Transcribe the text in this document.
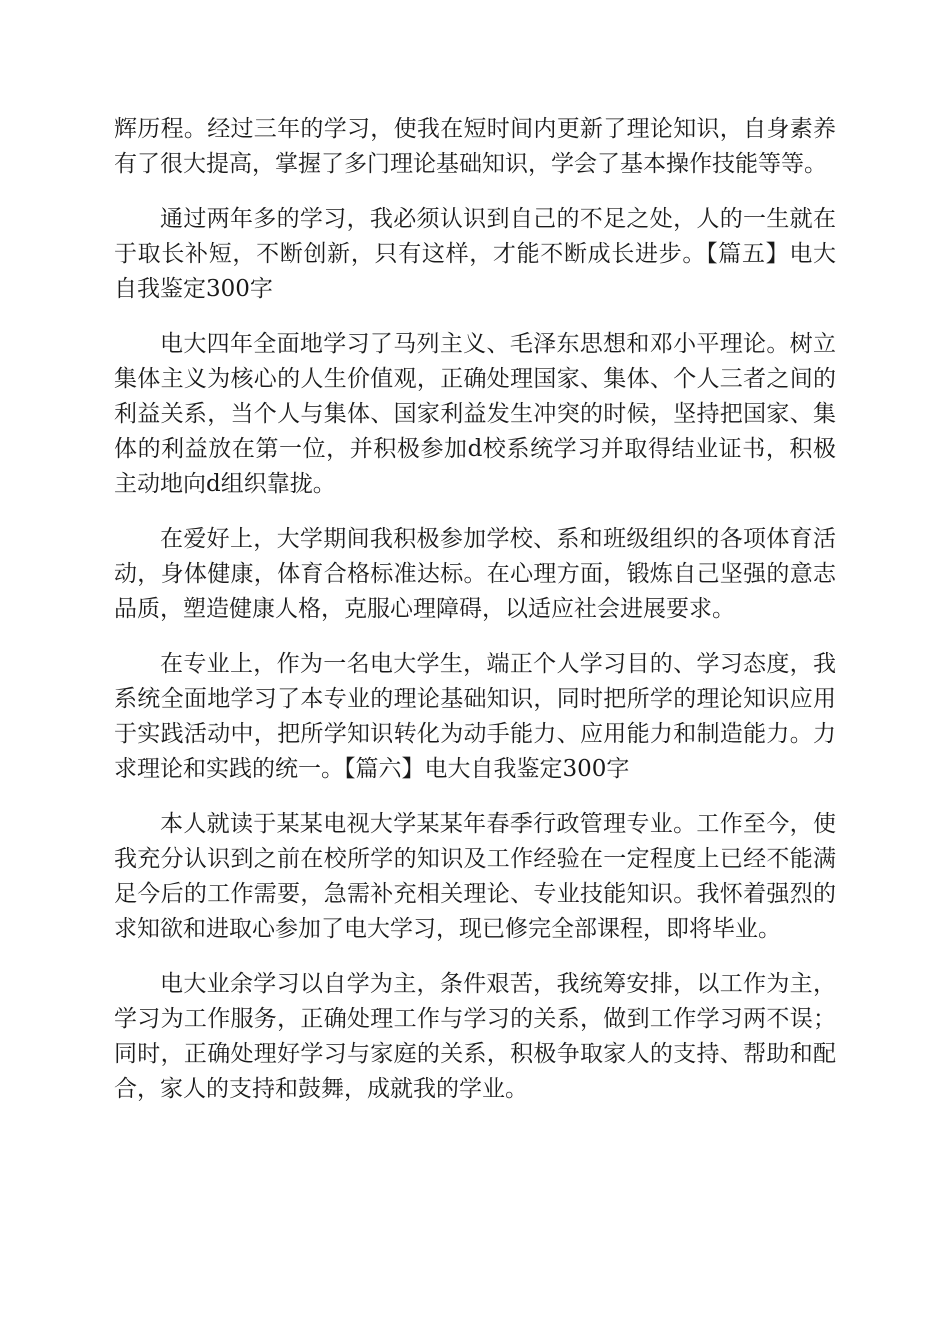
辉历程。经过三年的学习，使我在短时间内更新了理论知识，自身素养有了很大提高，掌握了多门理论基础知识，学会了基本操作技能等等。

通过两年多的学习，我必须认识到自己的不足之处，人的一生就在于取长补短，不断创新，只有这样，才能不断成长进步。【篇五】电大自我鉴定300字

电大四年全面地学习了马列主义、毛泽东思想和邓小平理论。树立集体主义为核心的人生价值观，正确处理国家、集体、个人三者之间的利益关系，当个人与集体、国家利益发生冲突的时候，坚持把国家、集体的利益放在第一位，并积极参加d校系统学习并取得结业证书，积极主动地向d组织靠拢。

在爱好上，大学期间我积极参加学校、系和班级组织的各项体育活动，身体健康，体育合格标准达标。在心理方面，锻炼自己坚强的意志品质，塑造健康人格，克服心理障碍，以适应社会进展要求。

在专业上，作为一名电大学生，端正个人学习目的、学习态度，我系统全面地学习了本专业的理论基础知识，同时把所学的理论知识应用于实践活动中，把所学知识转化为动手能力、应用能力和制造能力。力求理论和实践的统一。【篇六】电大自我鉴定300字

本人就读于某某电视大学某某年春季行政管理专业。工作至今，使我充分认识到之前在校所学的知识及工作经验在一定程度上已经不能满足今后的工作需要，急需补充相关理论、专业技能知识。我怀着强烈的求知欲和进取心参加了电大学习，现已修完全部课程，即将毕业。

电大业余学习以自学为主，条件艰苦，我统筹安排，以工作为主，学习为工作服务，正确处理工作与学习的关系，做到工作学习两不误；同时，正确处理好学习与家庭的关系，积极争取家人的支持、帮助和配合，家人的支持和鼓舞，成就我的学业。
